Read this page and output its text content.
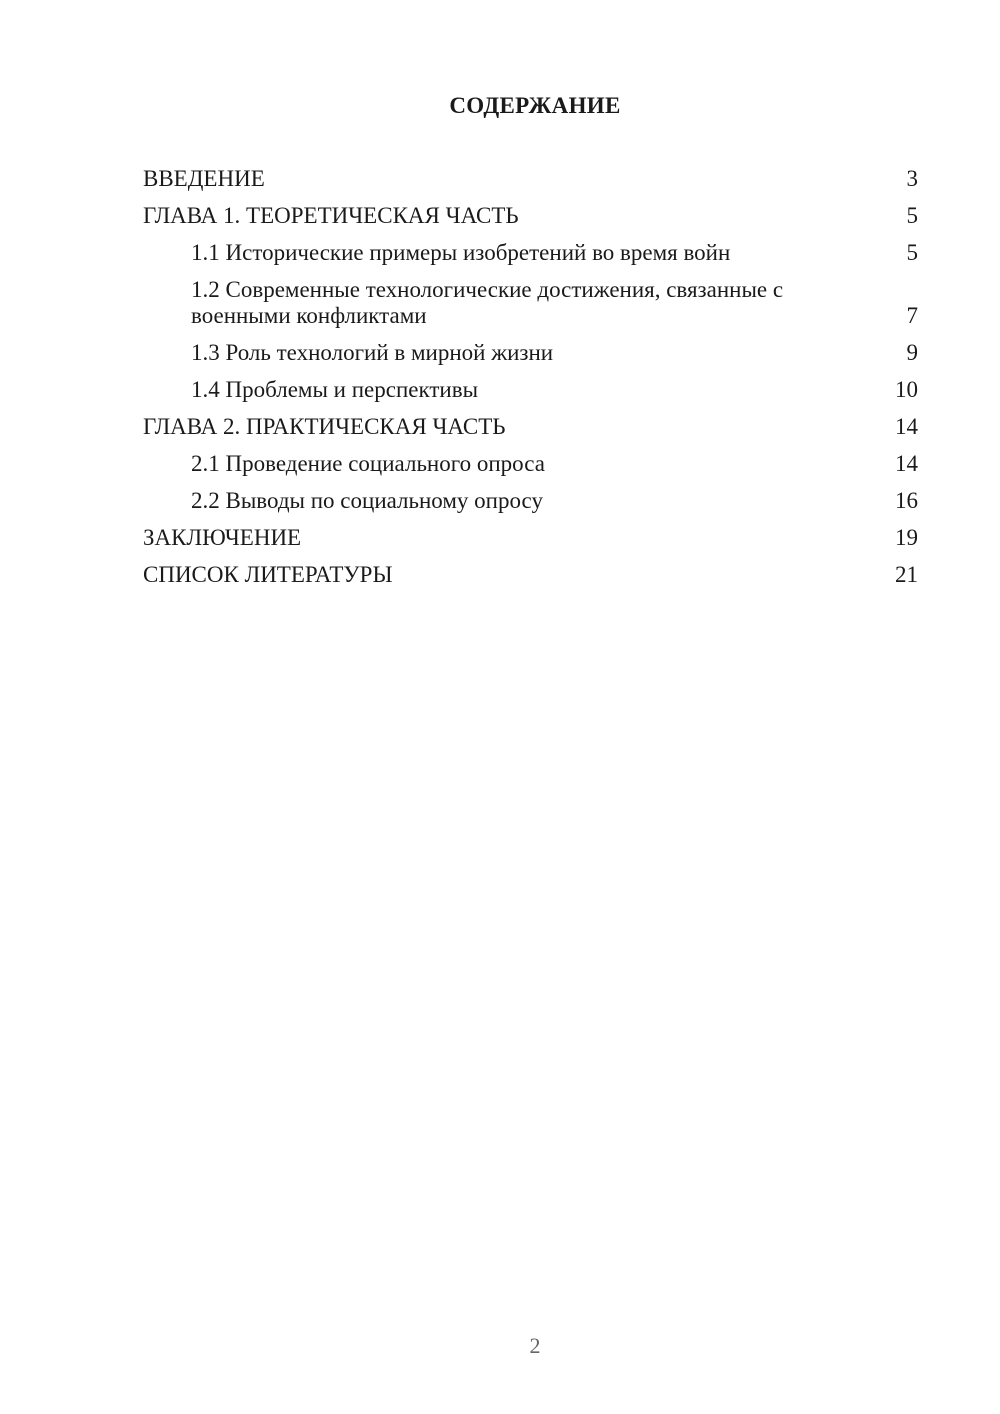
СОДЕРЖАНИЕ
ВВЕДЕНИЕ	3
ГЛАВА 1. ТЕОРЕТИЧЕСКАЯ ЧАСТЬ	5
1.1 Исторические примеры изобретений во время войн	5
1.2 Современные технологические достижения, связанные с военными конфликтами	7
1.3 Роль технологий в мирной жизни	9
1.4 Проблемы и перспективы	10
ГЛАВА 2. ПРАКТИЧЕСКАЯ ЧАСТЬ	14
2.1 Проведение социального опроса	14
2.2 Выводы по социальному опросу	16
ЗАКЛЮЧЕНИЕ	19
СПИСОК ЛИТЕРАТУРЫ	21
2
